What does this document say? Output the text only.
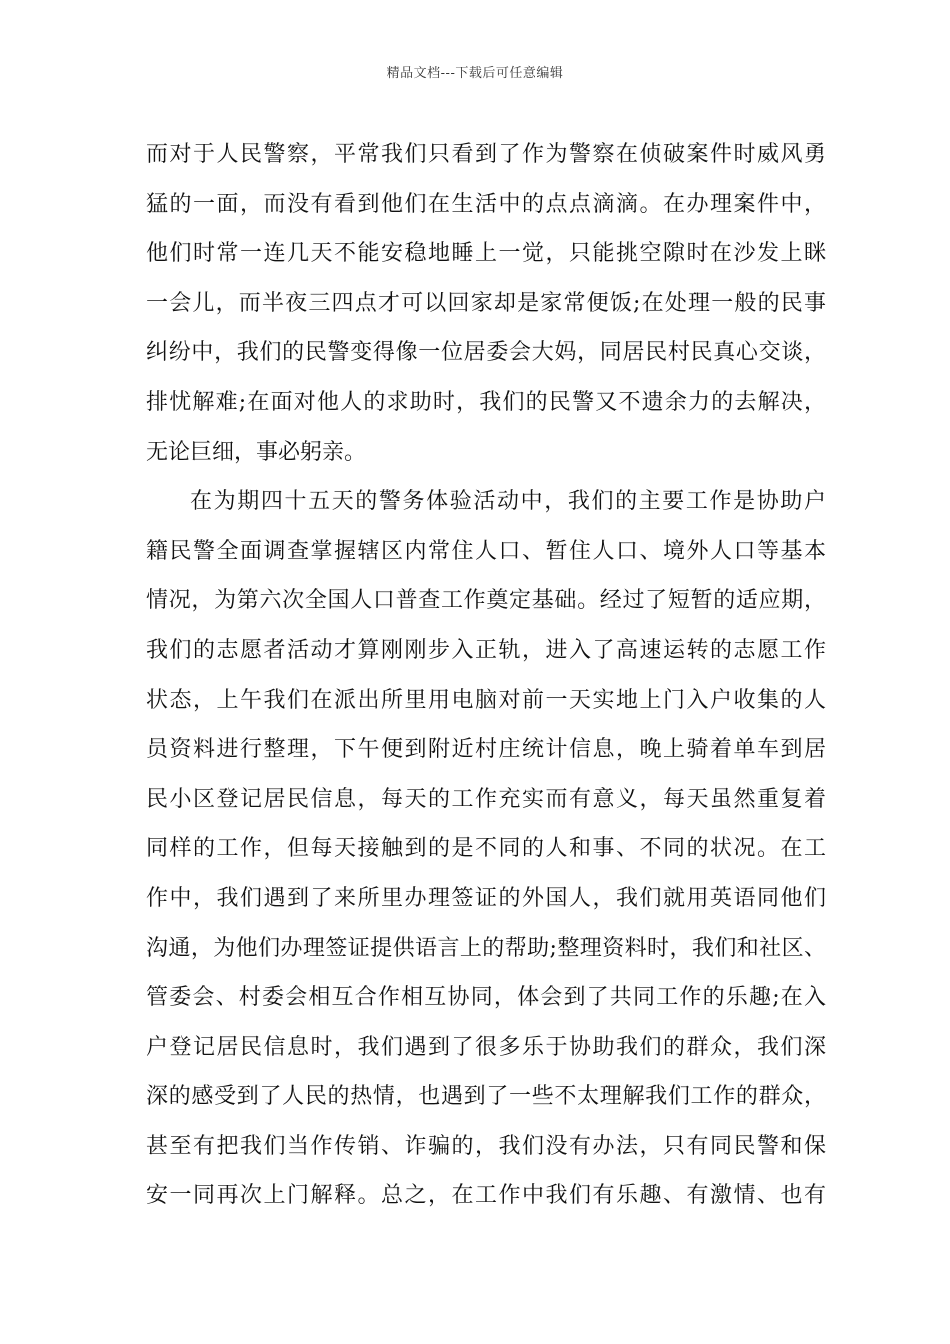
精品文档---下载后可任意编辑
而对于人民警察，平常我们只看到了作为警察在侦破案件时威风勇
猛的一面，而没有看到他们在生活中的点点滴滴。在办理案件中，
他们时常一连几天不能安稳地睡上一觉，只能挑空隙时在沙发上眯
一会儿，而半夜三四点才可以回家却是家常便饭;在处理一般的民事
纠纷中，我们的民警变得像一位居委会大妈，同居民村民真心交谈，
排忧解难;在面对他人的求助时，我们的民警又不遗余力的去解决，
无论巨细，事必躬亲。
在为期四十五天的警务体验活动中，我们的主要工作是协助户
籍民警全面调查掌握辖区内常住人口、暂住人口、境外人口等基本
情况，为第六次全国人口普查工作奠定基础。经过了短暂的适应期，
我们的志愿者活动才算刚刚步入正轨，进入了高速运转的志愿工作
状态，上午我们在派出所里用电脑对前一天实地上门入户收集的人
员资料进行整理，下午便到附近村庄统计信息，晚上骑着单车到居
民小区登记居民信息，每天的工作充实而有意义，每天虽然重复着
同样的工作，但每天接触到的是不同的人和事、不同的状况。在工
作中，我们遇到了来所里办理签证的外国人，我们就用英语同他们
沟通，为他们办理签证提供语言上的帮助;整理资料时，我们和社区、
管委会、村委会相互合作相互协同，体会到了共同工作的乐趣;在入
户登记居民信息时，我们遇到了很多乐于协助我们的群众，我们深
深的感受到了人民的热情，也遇到了一些不太理解我们工作的群众，
甚至有把我们当作传销、诈骗的，我们没有办法，只有同民警和保
安一同再次上门解释。总之，在工作中我们有乐趣、有激情、也有
